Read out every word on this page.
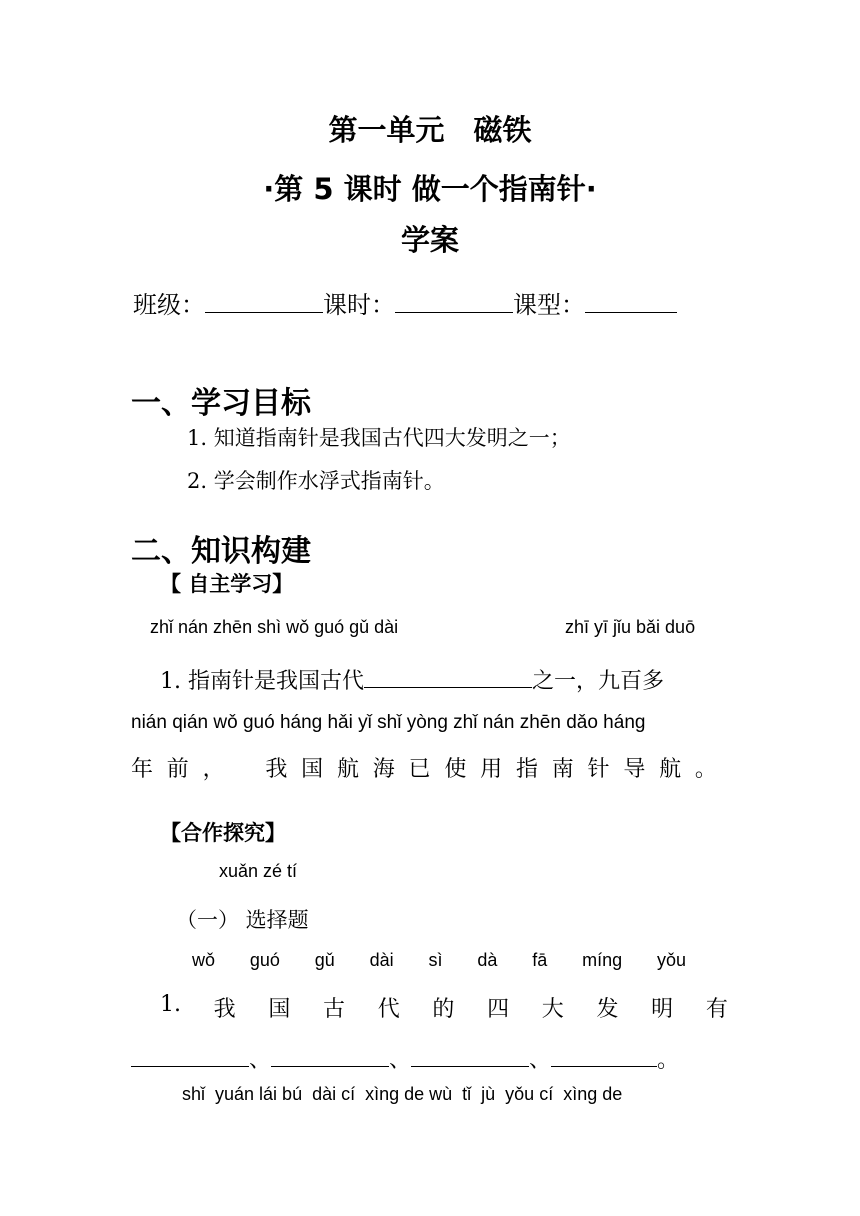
第一单元　磁铁
·第 5 课时 做一个指南针·
学案
班级：	课时：	课型：
一、学习目标
1. 知道指南针是我国古代四大发明之一；
2. 学会制作水浮式指南针。
二、知识构建
【 自主学习】
zhǐ nán zhēn shì wǒ guó gǔ dài	zhī yī jǐu bǎi duō
1. 指南针是我国古代	之一，九百多
nián qián wǒ guó háng hǎi yǐ shǐ yòng zhǐ nán zhēn dǎo háng
年 前 ， 我 国 航 海 已 使 用 指 南 针 导 航 。
【合作探究】
xuǎn zé tí
（一） 选择题
wǒ guó gǔ dài sì dà fā míng yǒu
1. 我 国 古 代 的 四 大 发 明 有
、	、	、	。
shǐ  yuán lái bú  dài cí  xìng de wù  tǐ  jù  yǒu cí  xìng de
